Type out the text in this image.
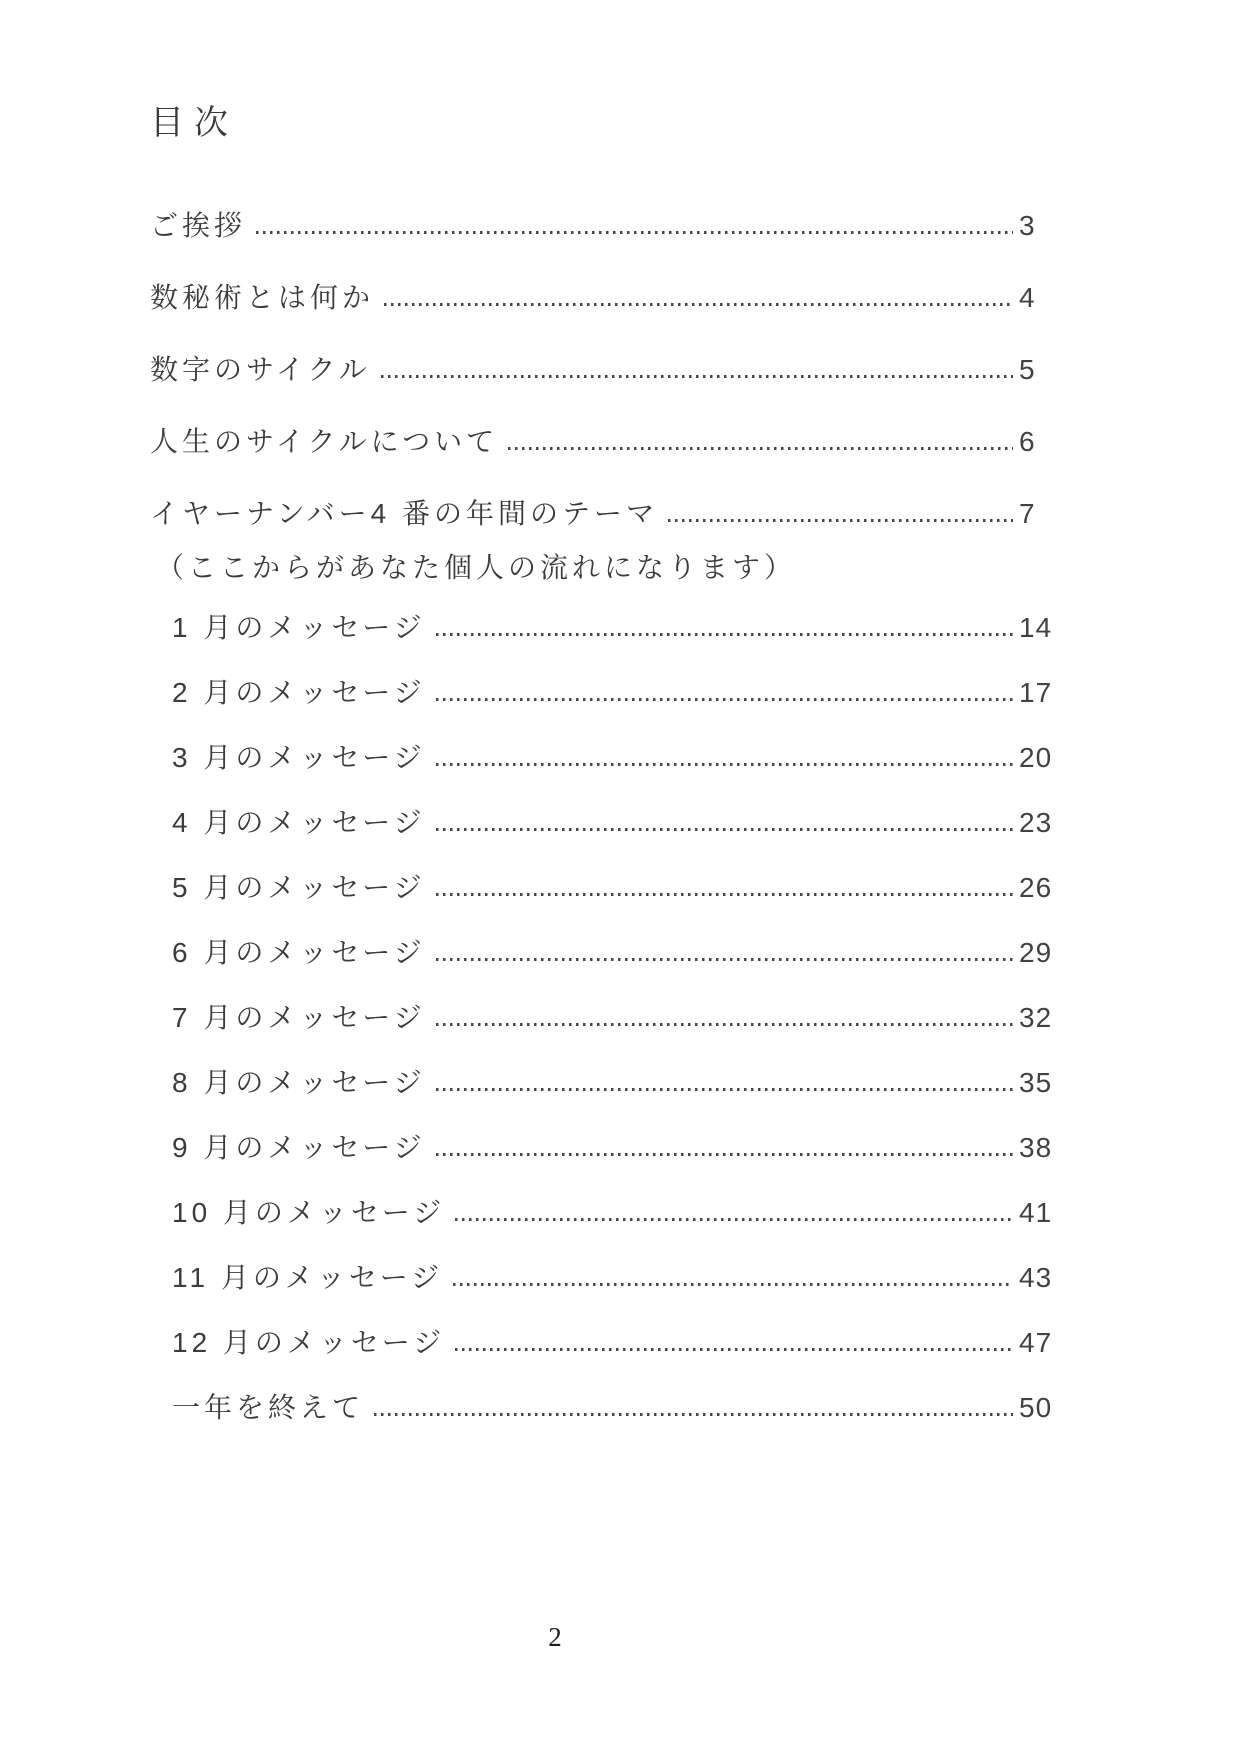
目次
ご挨拶	3
数秘術とは何か	4
数字のサイクル	5
人生のサイクルについて	6
イヤーナンバー4 番の年間のテーマ	7
（ここからがあなた個人の流れになります）
1 月のメッセージ	14
2 月のメッセージ	17
3 月のメッセージ	20
4 月のメッセージ	23
5 月のメッセージ	26
6 月のメッセージ	29
7 月のメッセージ	32
8 月のメッセージ	35
9 月のメッセージ	38
10 月のメッセージ	41
11 月のメッセージ	43
12 月のメッセージ	47
一年を終えて	50
2
